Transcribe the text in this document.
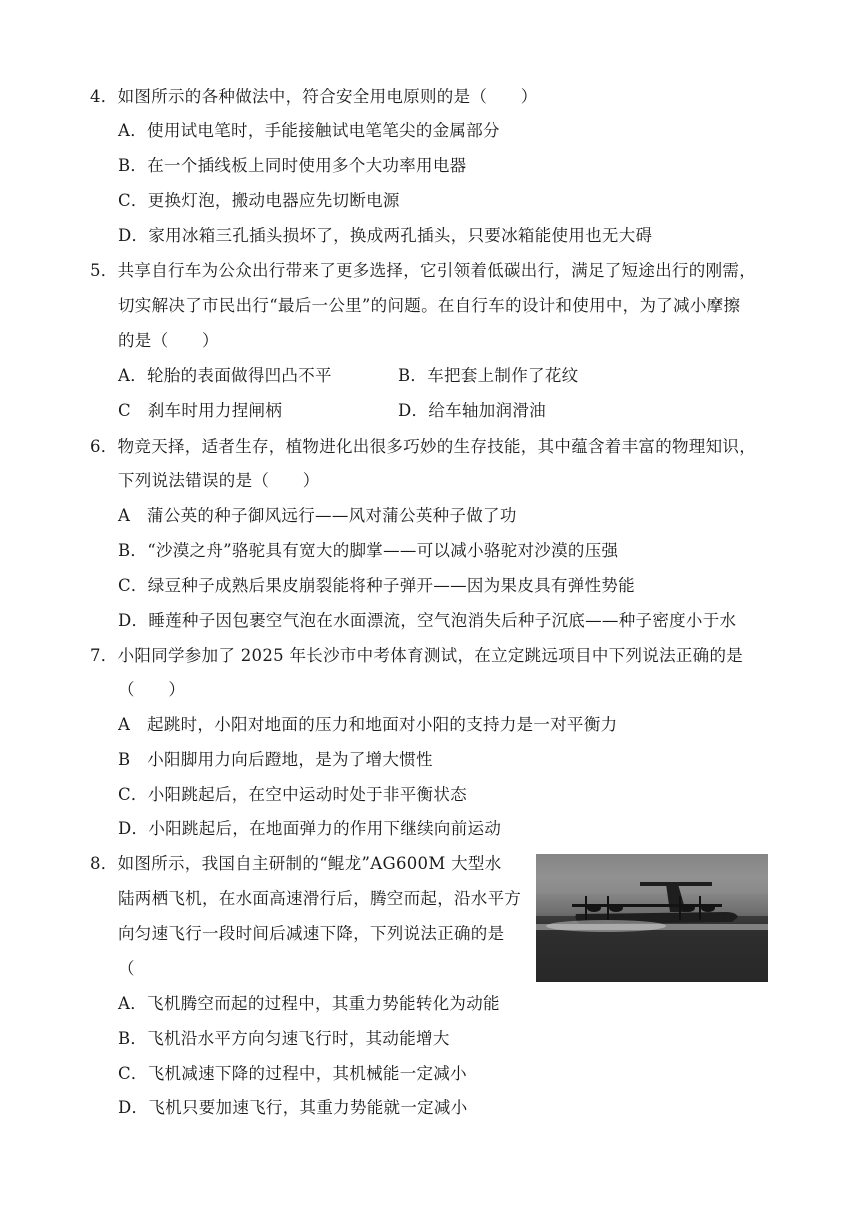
4．如图所示的各种做法中，符合安全用电原则的是（　　）
A．使用试电笔时，手能接触试电笔笔尖的金属部分
B．在一个插线板上同时使用多个大功率用电器
C．更换灯泡，搬动电器应先切断电源
D．家用冰箱三孔插头损坏了，换成两孔插头，只要冰箱能使用也无大碍
5．共享自行车为公众出行带来了更多选择，它引领着低碳出行，满足了短途出行的刚需，
切实解决了市民出行“最后一公里”的问题。在自行车的设计和使用中，为了减小摩擦
的是（　　）
A．轮胎的表面做得凹凸不平	B．车把套上制作了花纹
C　刹车时用力捏闸柄	D．给车轴加润滑油
6．物竞天择，适者生存，植物进化出很多巧妙的生存技能，其中蕴含着丰富的物理知识，
下列说法错误的是（　　）
A　蒲公英的种子御风远行——风对蒲公英种子做了功
B．“沙漠之舟”骆驼具有宽大的脚掌——可以减小骆驼对沙漠的压强
C．绿豆种子成熟后果皮崩裂能将种子弹开——因为果皮具有弹性势能
D．睡莲种子因包裹空气泡在水面漂流，空气泡消失后种子沉底——种子密度小于水
7．小阳同学参加了 2025 年长沙市中考体育测试，在立定跳远项目中下列说法正确的是
（　　）
A　起跳时，小阳对地面的压力和地面对小阳的支持力是一对平衡力
B　小阳脚用力向后蹬地，是为了增大惯性
C．小阳跳起后，在空中运动时处于非平衡状态
D．小阳跳起后，在地面弹力的作用下继续向前运动
8．如图所示，我国自主研制的“鲲龙”AG600M 大型水
陆两栖飞机，在水面高速滑行后，腾空而起，沿水平方
向匀速飞行一段时间后减速下降，下列说法正确的是
（
A．飞机腾空而起的过程中，其重力势能转化为动能
B．飞机沿水平方向匀速飞行时，其动能增大
C．飞机减速下降的过程中，其机械能一定减小
D．飞机只要加速飞行，其重力势能就一定减小
